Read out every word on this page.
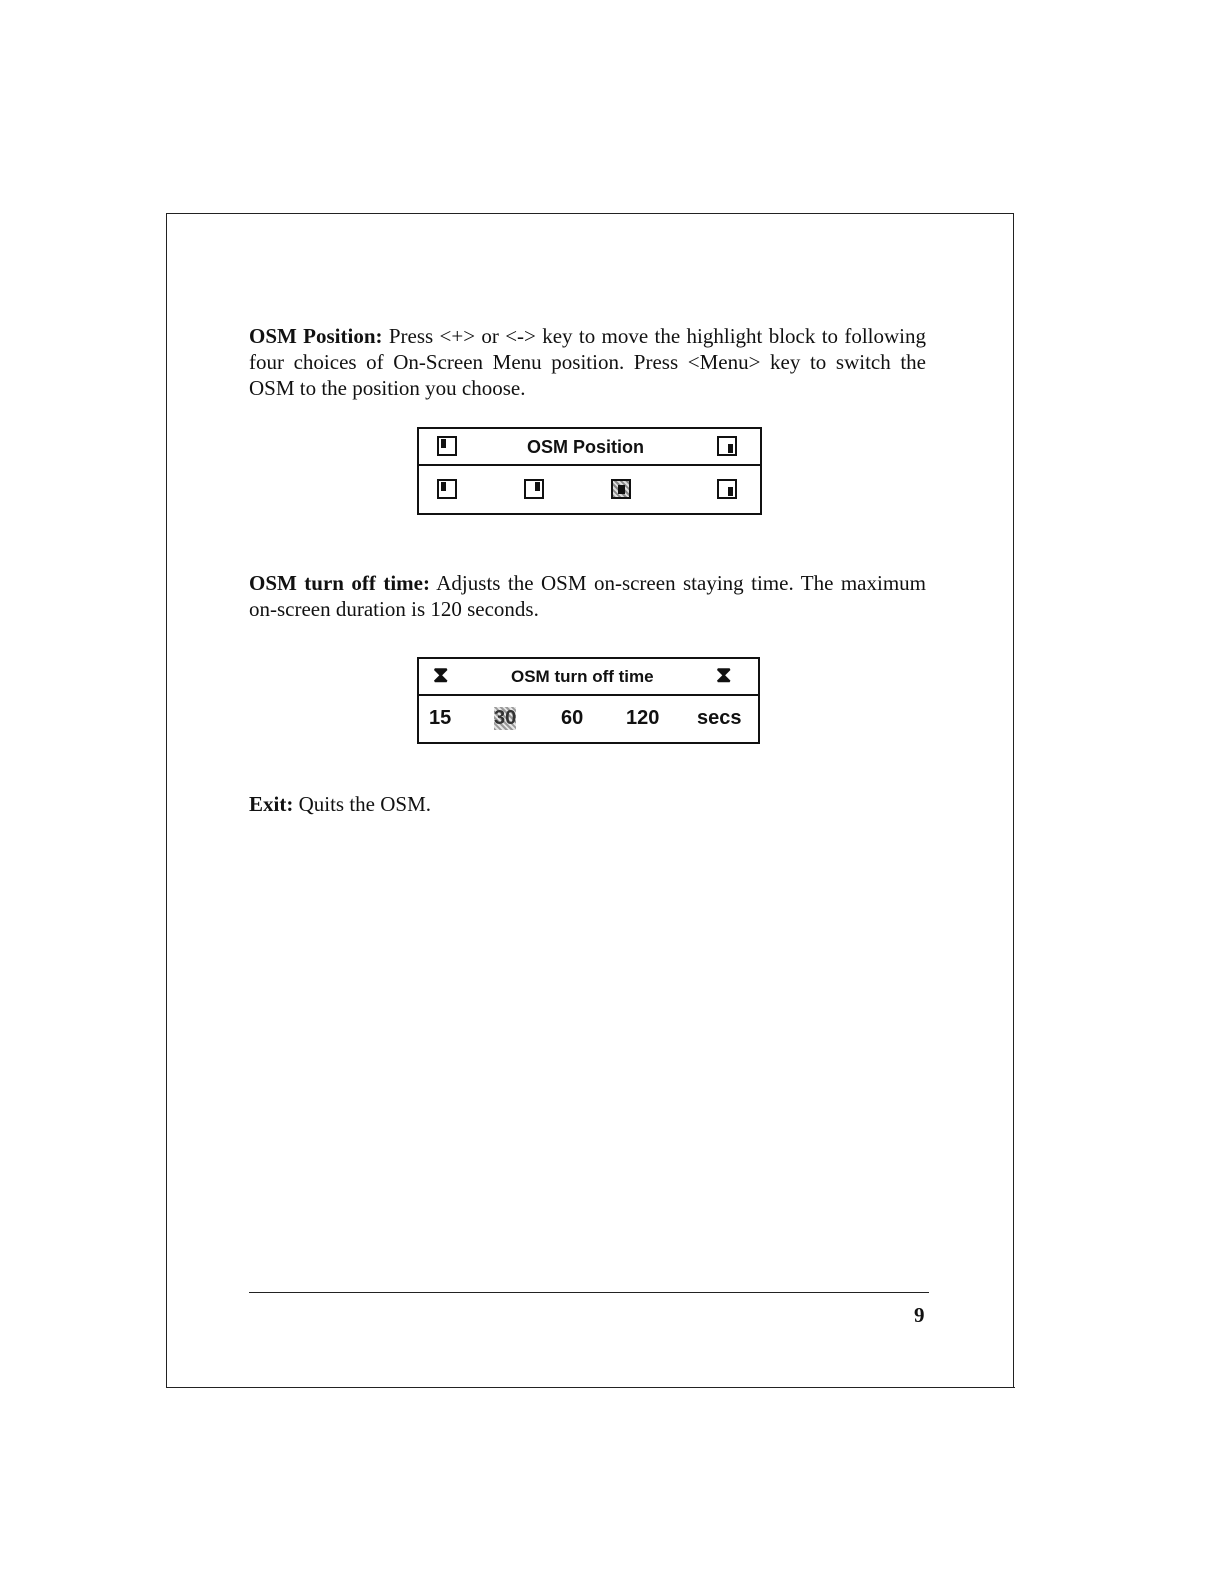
OSM Position: Press <+> or <-> key to move the highlight block to following four choices of On-Screen Menu position. Press <Menu> key to switch the OSM to the position you choose.
OSM Position
OSM turn off time: Adjusts the OSM on-screen staying time. The maximum on-screen duration is 120 seconds.
⧗	OSM turn off time	⧗
15 30 60 120 secs
Exit: Quits the OSM.
9
